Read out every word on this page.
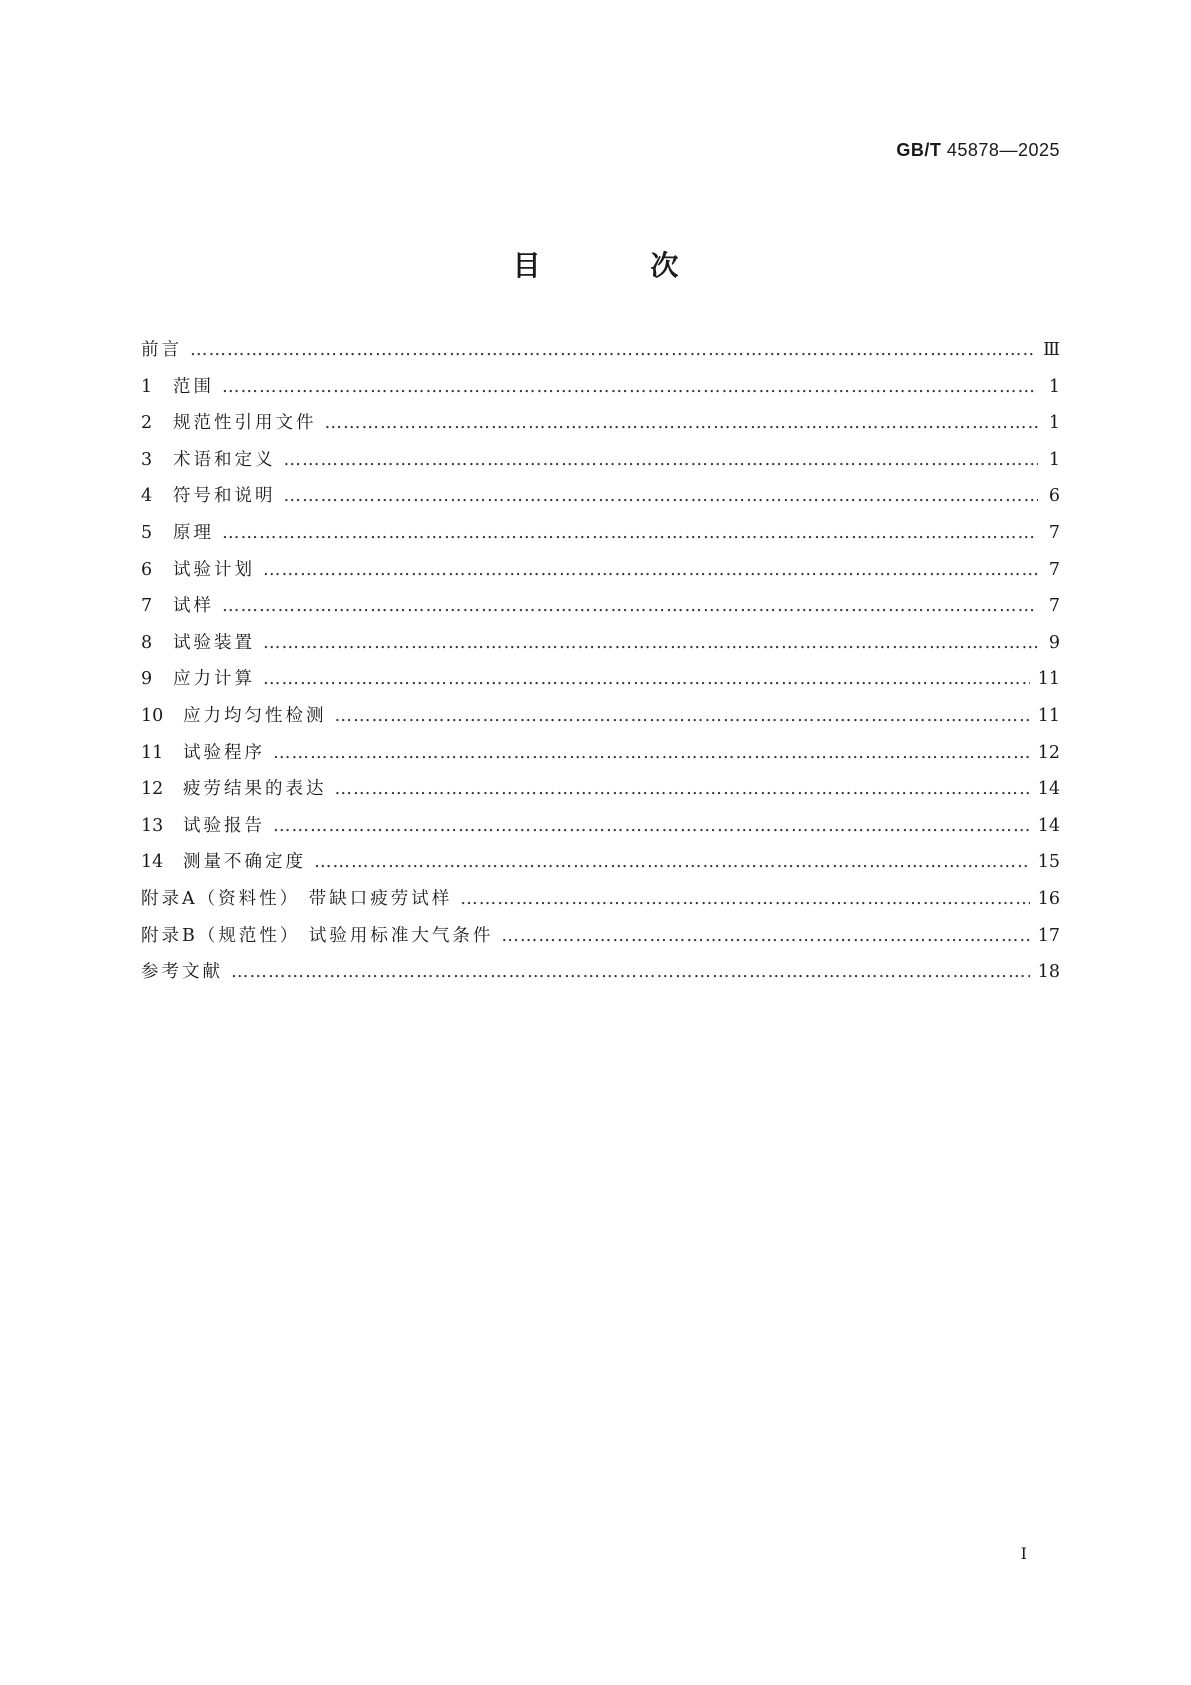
GB/T 45878—2025
目 次
前言 ……………………………………………………………………………………………………………………………………………………………………………………………………………………	Ⅲ
1	范围 ……………………………………………………………………………………………………………………………………………………………………………………………………………………	1
2	规范性引用文件 ……………………………………………………………………………………………………………………………………………………………………………………………………………………	1
3	术语和定义 ……………………………………………………………………………………………………………………………………………………………………………………………………………………	1
4	符号和说明 ……………………………………………………………………………………………………………………………………………………………………………………………………………………	6
5	原理 ……………………………………………………………………………………………………………………………………………………………………………………………………………………	7
6	试验计划 ……………………………………………………………………………………………………………………………………………………………………………………………………………………	7
7	试样 ……………………………………………………………………………………………………………………………………………………………………………………………………………………	7
8	试验装置 ……………………………………………………………………………………………………………………………………………………………………………………………………………………	9
9	应力计算 ……………………………………………………………………………………………………………………………………………………………………………………………………………………	11
10	应力均匀性检测 ……………………………………………………………………………………………………………………………………………………………………………………………………………………	11
11	试验程序 ……………………………………………………………………………………………………………………………………………………………………………………………………………………	12
12	疲劳结果的表达 ……………………………………………………………………………………………………………………………………………………………………………………………………………………	14
13	试验报告 ……………………………………………………………………………………………………………………………………………………………………………………………………………………	14
14	测量不确定度 ……………………………………………………………………………………………………………………………………………………………………………………………………………………	15
附录A（资料性） 带缺口疲劳试样 ……………………………………………………………………………………………………………………………………………………………………………………………………………………	16
附录B（规范性） 试验用标准大气条件 ……………………………………………………………………………………………………………………………………………………………………………………………………………………	17
参考文献 ……………………………………………………………………………………………………………………………………………………………………………………………………………………	18
I
